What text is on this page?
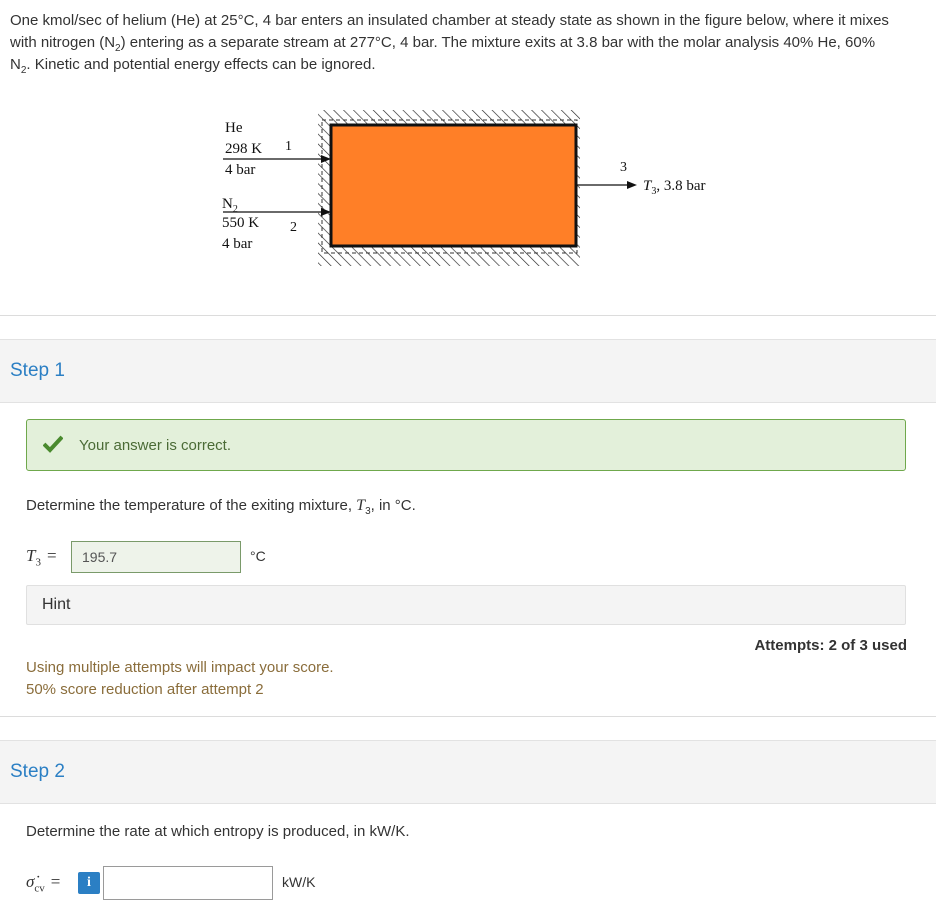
One kmol/sec of helium (He) at 25°C, 4 bar enters an insulated chamber at steady state as shown in the figure below, where it mixes
with nitrogen $(N_2)$ entering as a separate stream at 277°C, 4 bar. The mixture exits at 3.8 bar with the molar analysis 40% He, 60%
$N_2$. Kinetic and potential energy effects can be ignored.
He
298 K 1
4 bar
$N_2$
550 K 2
4 bar
3
$T_3$, 3.8 bar
Step 1
Your answer is correct.
Determine the temperature of the exiting mixture, $T_3$, in °C.
$T_3$ =	195.7	°C
Hint
Attempts: 2 of 3 used
Using multiple attempts will impact your score.
50% score reduction after attempt 2
Step 2
Determine the rate at which entropy is produced, in kW/K.
$\sigmȧ_{cv}$ =	i	kW/K
